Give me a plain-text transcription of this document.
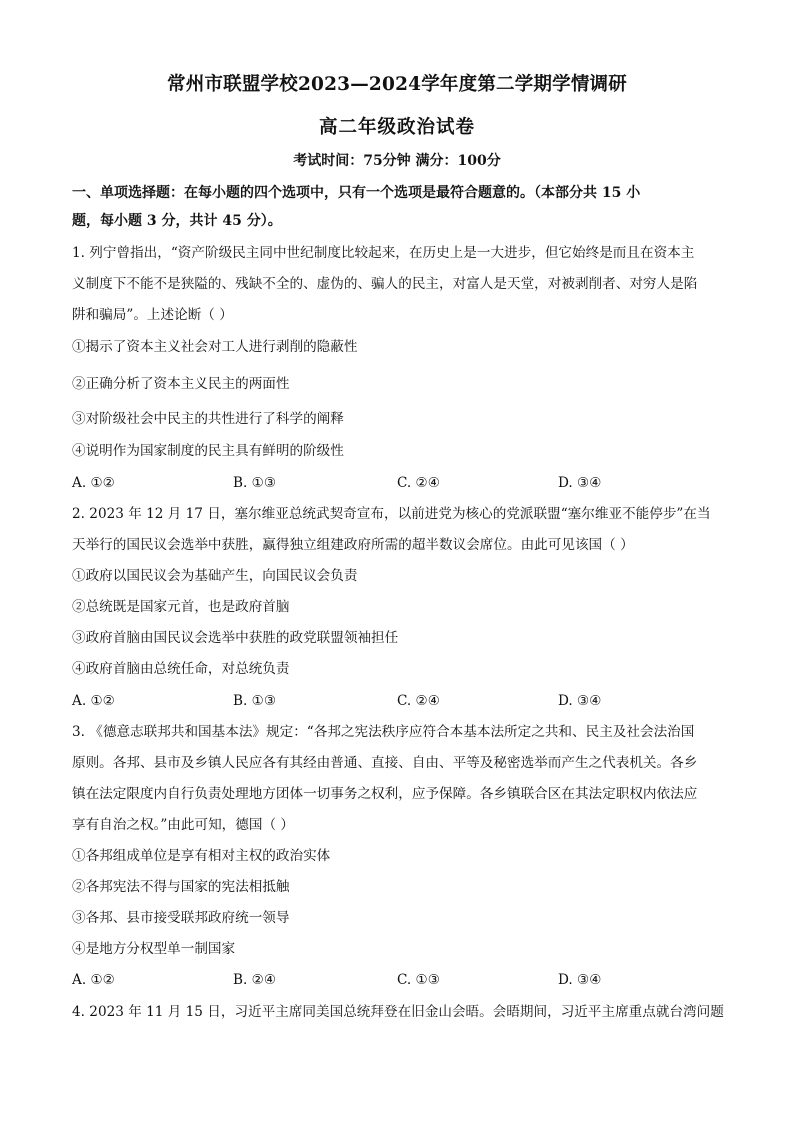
常州市联盟学校2023—2024学年度第二学期学情调研
高二年级政治试卷
考试时间：75分钟 满分：100分
一、单项选择题：在每小题的四个选项中，只有一个选项是最符合题意的。（本部分共 15 小
题，每小题 3 分，共计 45 分）。
1. 列宁曾指出，“资产阶级民主同中世纪制度比较起来，在历史上是一大进步，但它始终是而且在资本主
义制度下不能不是狭隘的、残缺不全的、虚伪的、骗人的民主，对富人是天堂，对被剥削者、对穷人是陷
阱和骗局”。上述论断（ ）
①揭示了资本主义社会对工人进行剥削的隐蔽性
②正确分析了资本主义民主的两面性
③对阶级社会中民主的共性进行了科学的阐释
④说明作为国家制度的民主具有鲜明的阶级性
A. ①②	B. ①③	C. ②④	D. ③④
2. 2023 年 12 月 17 日，塞尔维亚总统武契奇宣布，以前进党为核心的党派联盟“塞尔维亚不能停步”在当
天举行的国民议会选举中获胜，赢得独立组建政府所需的超半数议会席位。由此可见该国（ ）
①政府以国民议会为基础产生，向国民议会负责
②总统既是国家元首，也是政府首脑
③政府首脑由国民议会选举中获胜的政党联盟领袖担任
④政府首脑由总统任命，对总统负责
A. ①②	B. ①③	C. ②④	D. ③④
3. 《德意志联邦共和国基本法》规定：“各邦之宪法秩序应符合本基本法所定之共和、民主及社会法治国
原则。各邦、县市及乡镇人民应各有其经由普通、直接、自由、平等及秘密选举而产生之代表机关。各乡
镇在法定限度内自行负责处理地方团体一切事务之权利，应予保障。各乡镇联合区在其法定职权内依法应
享有自治之权。”由此可知，德国（ ）
①各邦组成单位是享有相对主权的政治实体
②各邦宪法不得与国家的宪法相抵触
③各邦、县市接受联邦政府统一领导
④是地方分权型单一制国家
A. ①②	B. ②④	C. ①③	D. ③④
4. 2023 年 11 月 15 日，习近平主席同美国总统拜登在旧金山会晤。会晤期间，习近平主席重点就台湾问题
